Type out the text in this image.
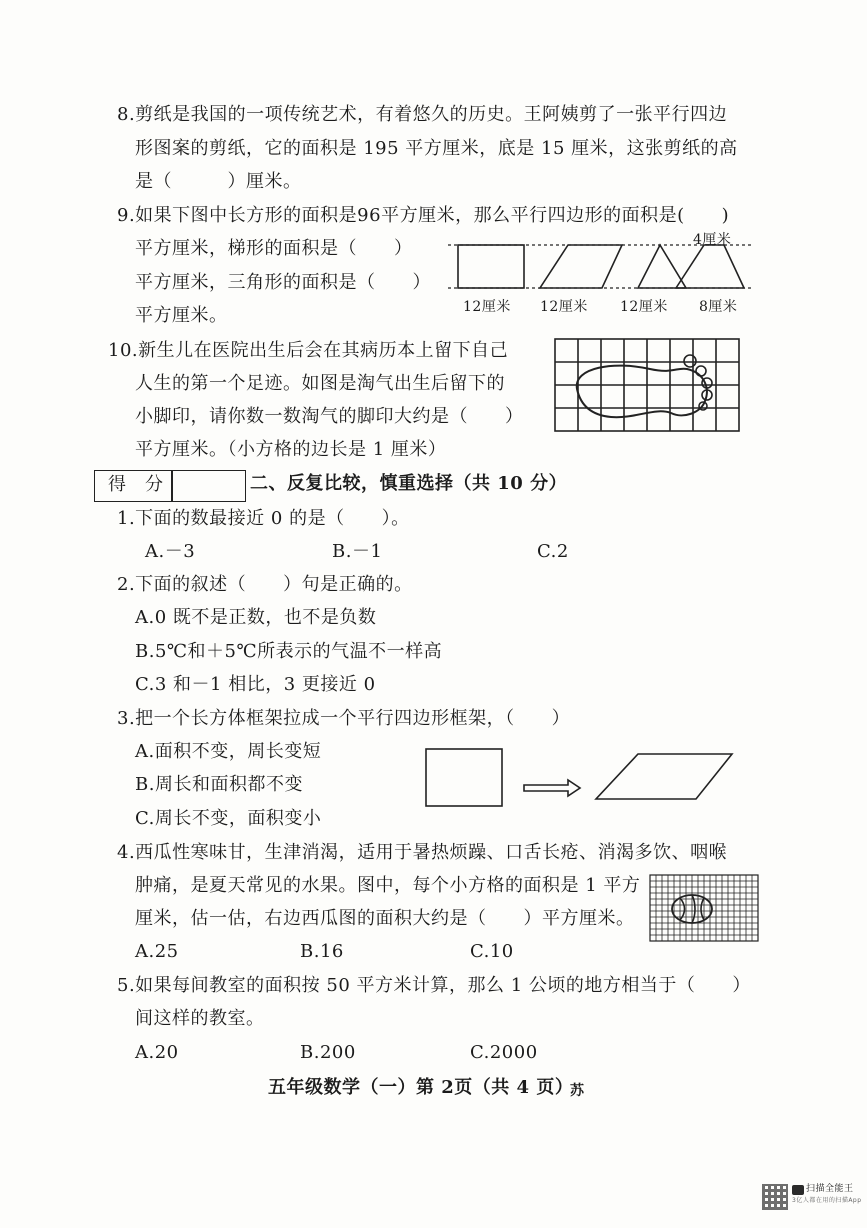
8.剪纸是我国的一项传统艺术，有着悠久的历史。王阿姨剪了一张平行四边
形图案的剪纸，它的面积是 195 平方厘米，底是 15 厘米，这张剪纸的高
是（　　　）厘米。
9.如果下图中长方形的面积是96平方厘米，那么平行四边形的面积是(　　)
平方厘米，梯形的面积是（　　）
平方厘米，三角形的面积是（　　）
平方厘米。
4厘米
12厘米 12厘米 12厘米 8厘米
10.新生儿在医院出生后会在其病历本上留下自己
人生的第一个足迹。如图是淘气出生后留下的
小脚印，请你数一数淘气的脚印大约是（　　）
平方厘米。（小方格的边长是 1 厘米）
得　分	二、反复比较，慎重选择（共 10 分）
1.下面的数最接近 0 的是（　　）。
A.－3	B.－1	C.2
2.下面的叙述（　　）句是正确的。
A.0 既不是正数，也不是负数
B.5℃和＋5℃所表示的气温不一样高
C.3 和－1 相比，3 更接近 0
3.把一个长方体框架拉成一个平行四边形框架，（　　）
A.面积不变，周长变短
B.周长和面积都不变
C.周长不变，面积变小
4.西瓜性寒味甘，生津消渴，适用于暑热烦躁、口舌长疮、消渴多饮、咽喉
肿痛，是夏天常见的水果。图中，每个小方格的面积是 1 平方
厘米，估一估，右边西瓜图的面积大约是（　　）平方厘米。
A.25	B.16	C.10
5.如果每间教室的面积按 50 平方米计算，那么 1 公顷的地方相当于（　　）
间这样的教室。
A.20	B.200	C.2000
五年级数学（一）第 2页（共 4 页）
苏
扫描全能王
3亿人都在用的扫描App
